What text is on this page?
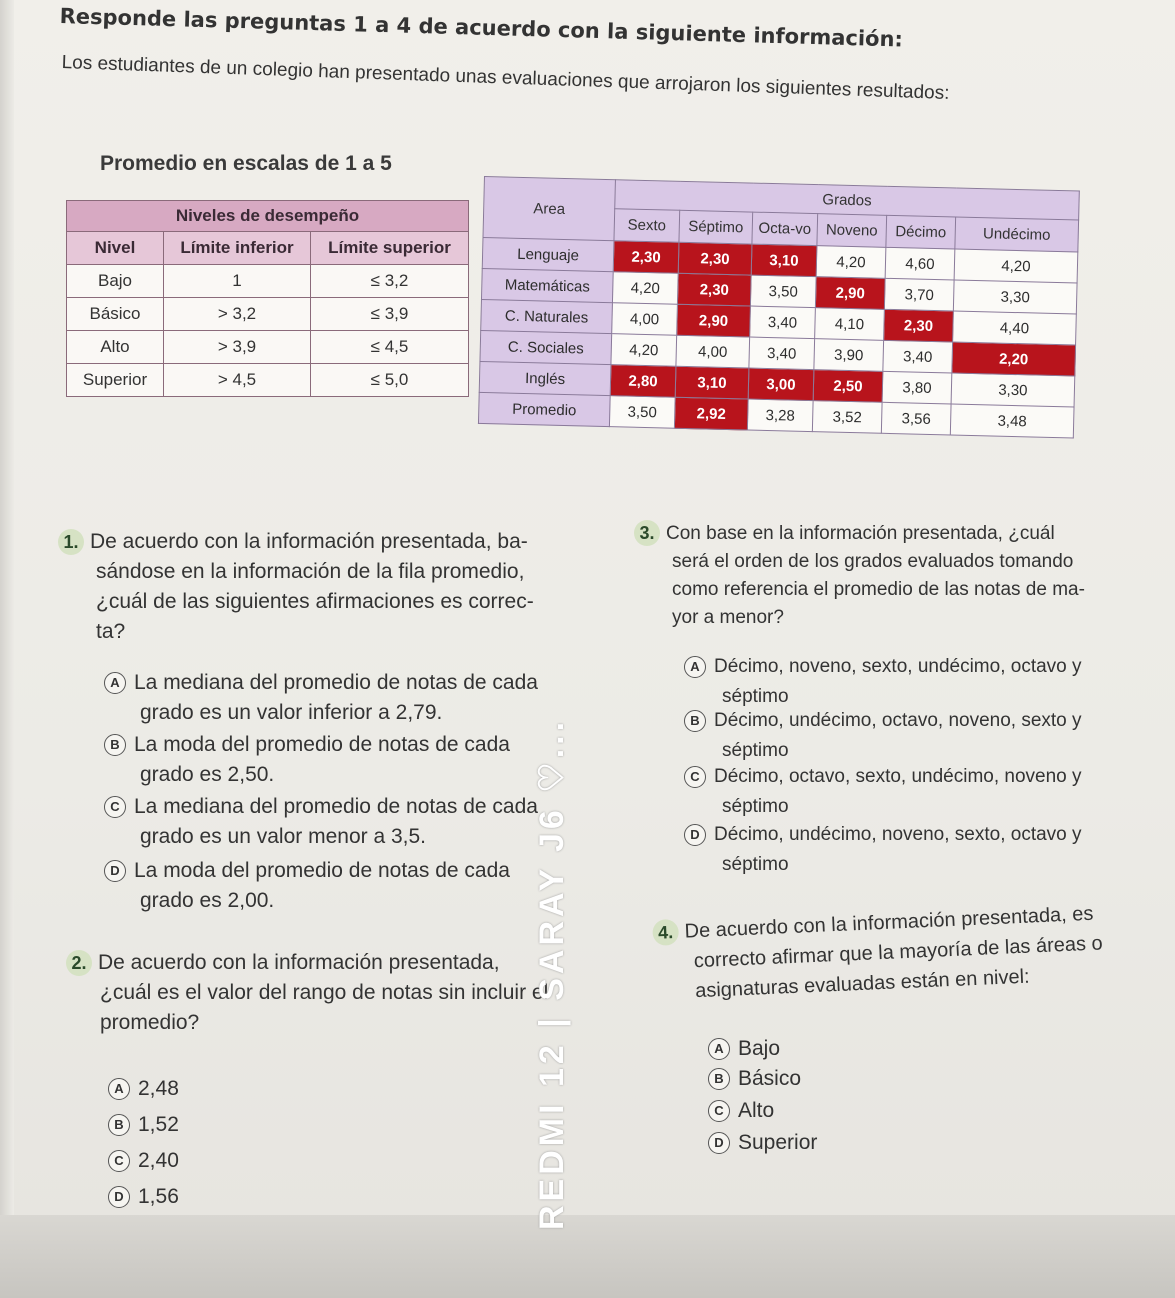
Responde las preguntas 1 a 4 de acuerdo con la siguiente información:
Los estudiantes de un colegio han presentado unas evaluaciones que arrojaron los siguientes resultados:
Promedio en escalas de 1 a 5
Niveles de desempeño		
Nivel	Límite inferior	Límite superior
Bajo	1	≤ 3,2
Básico	> 3,2	≤ 3,9
Alto	> 3,9	≤ 4,5
Superior	> 4,5	≤ 5,0
Area	Grados					
	Sexto	Séptimo	Octa-vo	Noveno	Décimo	Undécimo
Lenguaje	2,30	2,30	3,10	4,20	4,60	4,20
Matemáticas	4,20	2,30	3,50	2,90	3,70	3,30
C. Naturales	4,00	2,90	3,40	4,10	2,30	4,40
C. Sociales	4,20	4,00	3,40	3,90	3,40	2,20
Inglés	2,80	3,10	3,00	2,50	3,80	3,30
Promedio	3,50	2,92	3,28	3,52	3,56	3,48
1. De acuerdo con la información presentada, ba-
sándose en la información de la fila promedio,
¿cuál de las siguientes afirmaciones es correc-
ta?
A La mediana del promedio de notas de cada
grado es un valor inferior a 2,79.
B La moda del promedio de notas de cada
grado es 2,50.
C La mediana del promedio de notas de cada
grado es un valor menor a 3,5.
D La moda del promedio de notas de cada
grado es 2,00.
2. De acuerdo con la información presentada,
¿cuál es el valor del rango de notas sin incluir el
promedio?
A 2,48
B 1,52
C 2,40
D 1,56
3. Con base en la información presentada, ¿cuál
será el orden de los grados evaluados tomando
como referencia el promedio de las notas de ma-
yor a menor?
A Décimo, noveno, sexto, undécimo, octavo y
séptimo
B Décimo, undécimo, octavo, noveno, sexto y
séptimo
C Décimo, octavo, sexto, undécimo, noveno y
séptimo
D Décimo, undécimo, noveno, sexto, octavo y
séptimo
4. De acuerdo con la información presentada, es
correcto afirmar que la mayoría de las áreas o
asignaturas evaluadas están en nivel:
A Bajo
B Básico
C Alto
D Superior
REDMI 12 | SARAY J6 ♡...
